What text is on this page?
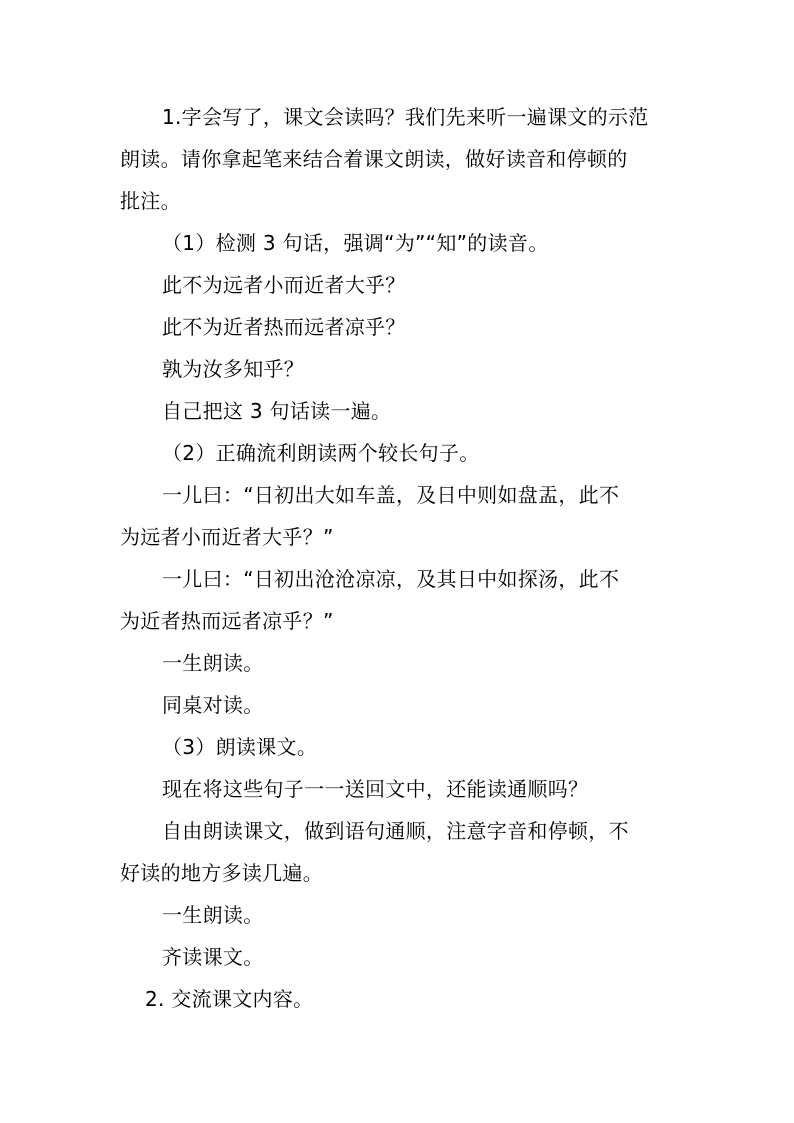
1.字会写了，课文会读吗？我们先来听一遍课文的示范
朗读。请你拿起笔来结合着课文朗读，做好读音和停顿的
批注。
（1）检测 3 句话，强调“为”“知”的读音。
此不为远者小而近者大乎？
此不为近者热而远者凉乎？
孰为汝多知乎？
自己把这 3 句话读一遍。
（2）正确流利朗读两个较长句子。
一儿曰：“日初出大如车盖，及日中则如盘盂，此不
为远者小而近者大乎？”
一儿曰：“日初出沧沧凉凉，及其日中如探汤，此不
为近者热而远者凉乎？”
一生朗读。
同桌对读。
（3）朗读课文。
现在将这些句子一一送回文中，还能读通顺吗？
自由朗读课文，做到语句通顺，注意字音和停顿，不
好读的地方多读几遍。
一生朗读。
齐读课文。
2. 交流课文内容。
